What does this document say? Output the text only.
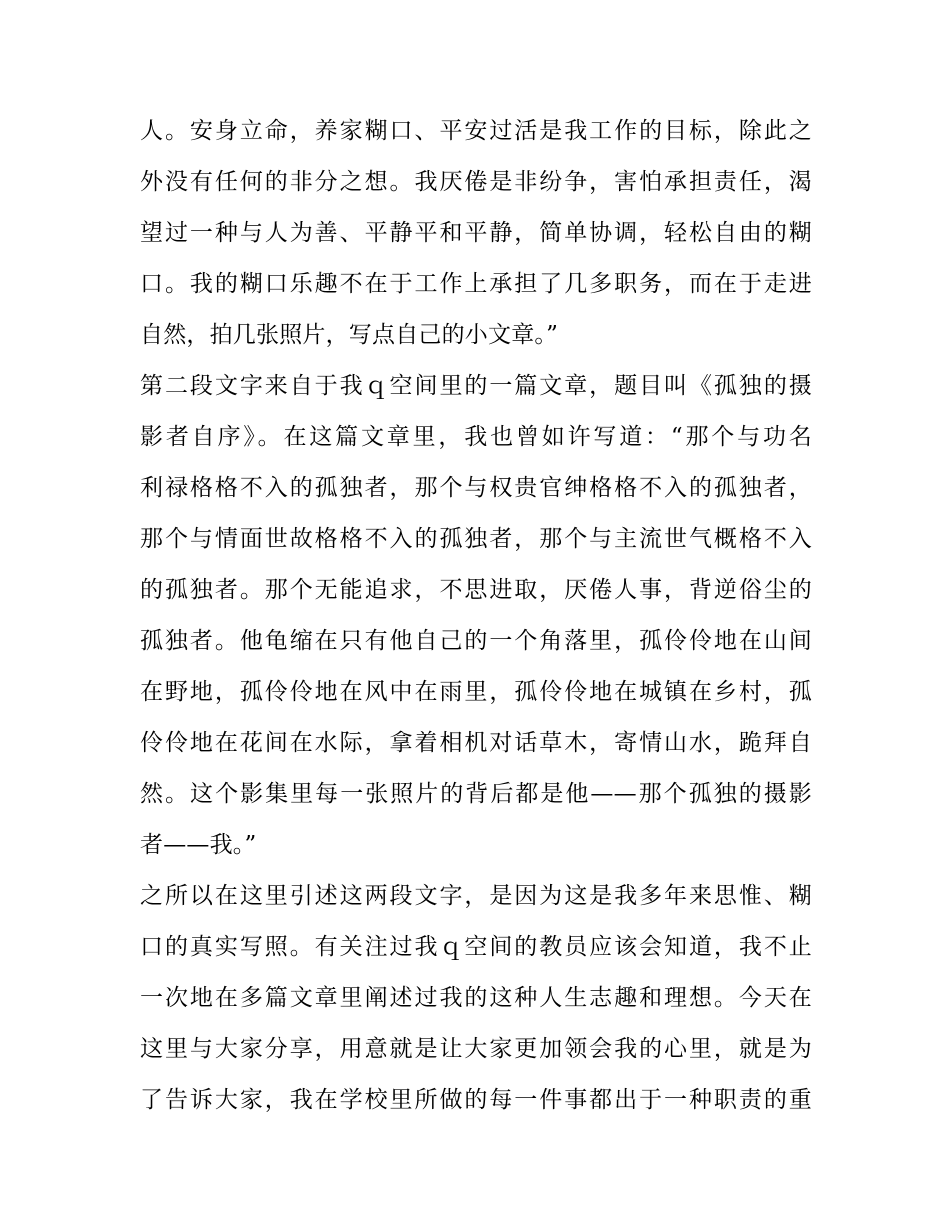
人。安身立命，养家糊口、平安过活是我工作的目标，除此之
外没有任何的非分之想。我厌倦是非纷争，害怕承担责任，渴
望过一种与人为善、平静平和平静，简单协调，轻松自由的糊
口。我的糊口乐趣不在于工作上承担了几多职务，而在于走进
自然，拍几张照片，写点自己的小文章。”
第二段文字来自于我ｑ空间里的一篇文章，题目叫《孤独的摄
影者自序》。在这篇文章里，我也曾如许写道：“那个与功名
利禄格格不入的孤独者，那个与权贵官绅格格不入的孤独者，
那个与情面世故格格不入的孤独者，那个与主流世气概格不入
的孤独者。那个无能追求，不思进取，厌倦人事，背逆俗尘的
孤独者。他龟缩在只有他自己的一个角落里，孤伶伶地在山间
在野地，孤伶伶地在风中在雨里，孤伶伶地在城镇在乡村，孤
伶伶地在花间在水际，拿着相机对话草木，寄情山水，跪拜自
然。这个影集里每一张照片的背后都是他——那个孤独的摄影
者——我。”
之所以在这里引述这两段文字，是因为这是我多年来思惟、糊
口的真实写照。有关注过我ｑ空间的教员应该会知道，我不止
一次地在多篇文章里阐述过我的这种人生志趣和理想。今天在
这里与大家分享，用意就是让大家更加领会我的心里，就是为
了告诉大家，我在学校里所做的每一件事都出于一种职责的重
